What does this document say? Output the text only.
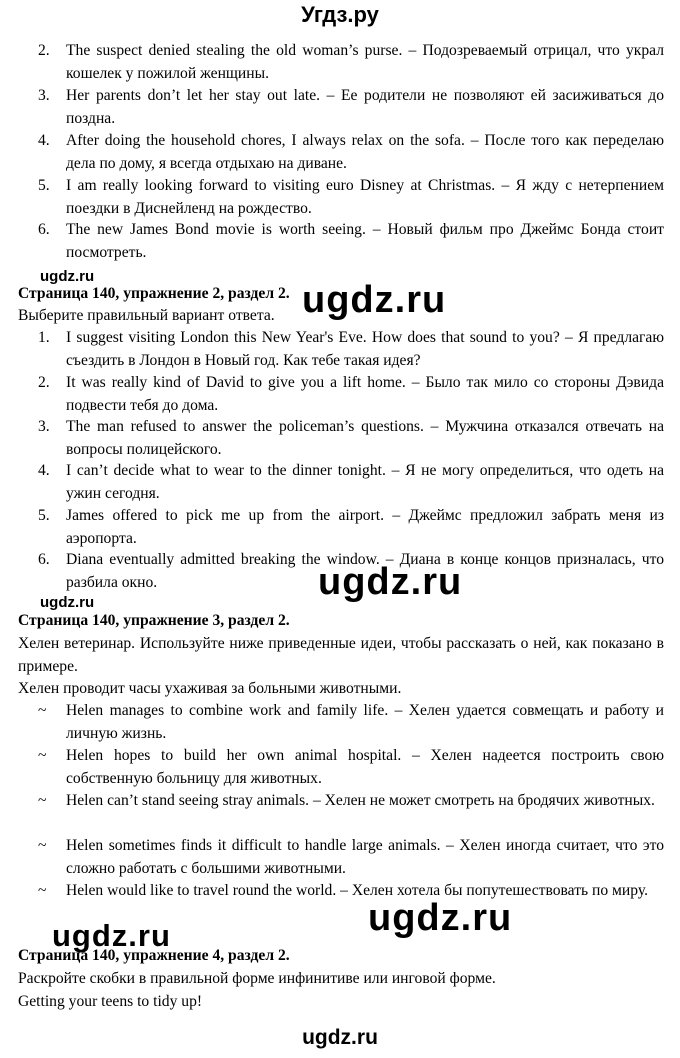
Угдз.ру
2.	The suspect denied stealing the old woman’s purse. – Подозреваемый отрицал, что украл кошелек у пожилой женщины.
3.	Her parents don’t let her stay out late. – Ее родители не позволяют ей засиживаться до поздна.
4.	After doing the household chores, I always relax on the sofa. – После того как переделаю дела по дому, я всегда отдыхаю на диване.
5.	I am really looking forward to visiting euro Disney at Christmas. – Я жду с нетерпением поездки в Диснейленд на рождество.
6.	The new James Bond movie is worth seeing. – Новый фильм про Джеймс Бонда стоит посмотреть.
ugdz.ru
Страница 140, упражнение 2, раздел 2. ugdz.ru
Выберите правильный вариант ответа.
1.	I suggest visiting London this New Year's Eve. How does that sound to you? – Я предлагаю съездить в Лондон в Новый год. Как тебе такая идея?
2.	It was really kind of David to give you a lift home. – Было так мило со стороны Дэвида подвести тебя до дома.
3.	The man refused to answer the policeman’s questions. – Мужчина отказался отвечать на вопросы полицейского.
4.	I can’t decide what to wear to the dinner tonight. – Я не могу определиться, что одеть на ужин сегодня.
5.	James offered to pick me up from the airport. – Джеймс предложил забрать меня из аэропорта.
6.	Diana eventually admitted breaking the window. – Диана в конце концов призналась, что разбила окно.	ugdz.ru
ugdz.ru
Страница 140, упражнение 3, раздел 2.
Хелен ветеринар. Используйте ниже приведенные идеи, чтобы рассказать о ней, как показано в примере.
Хелен проводит часы ухаживая за больными животными.
~ Helen manages to combine work and family life. – Хелен удается совмещать и работу и личную жизнь.
~ Helen hopes to build her own animal hospital. – Хелен надеется построить свою собственную больницу для животных.
~ Helen can’t stand seeing stray animals. – Хелен не может смотреть на бродячих животных.
~ Helen sometimes finds it difficult to handle large animals. – Хелен иногда считает, что это сложно работать с большими животными.
~ Helen would like to travel round the world. – Хелен хотела бы попутешествовать по миру.
ugdz.ru
ugdz.ru
Страница 140, упражнение 4, раздел 2.
Раскройте скобки в правильной форме инфинитиве или инговой форме.
Getting your teens to tidy up!
ugdz.ru
